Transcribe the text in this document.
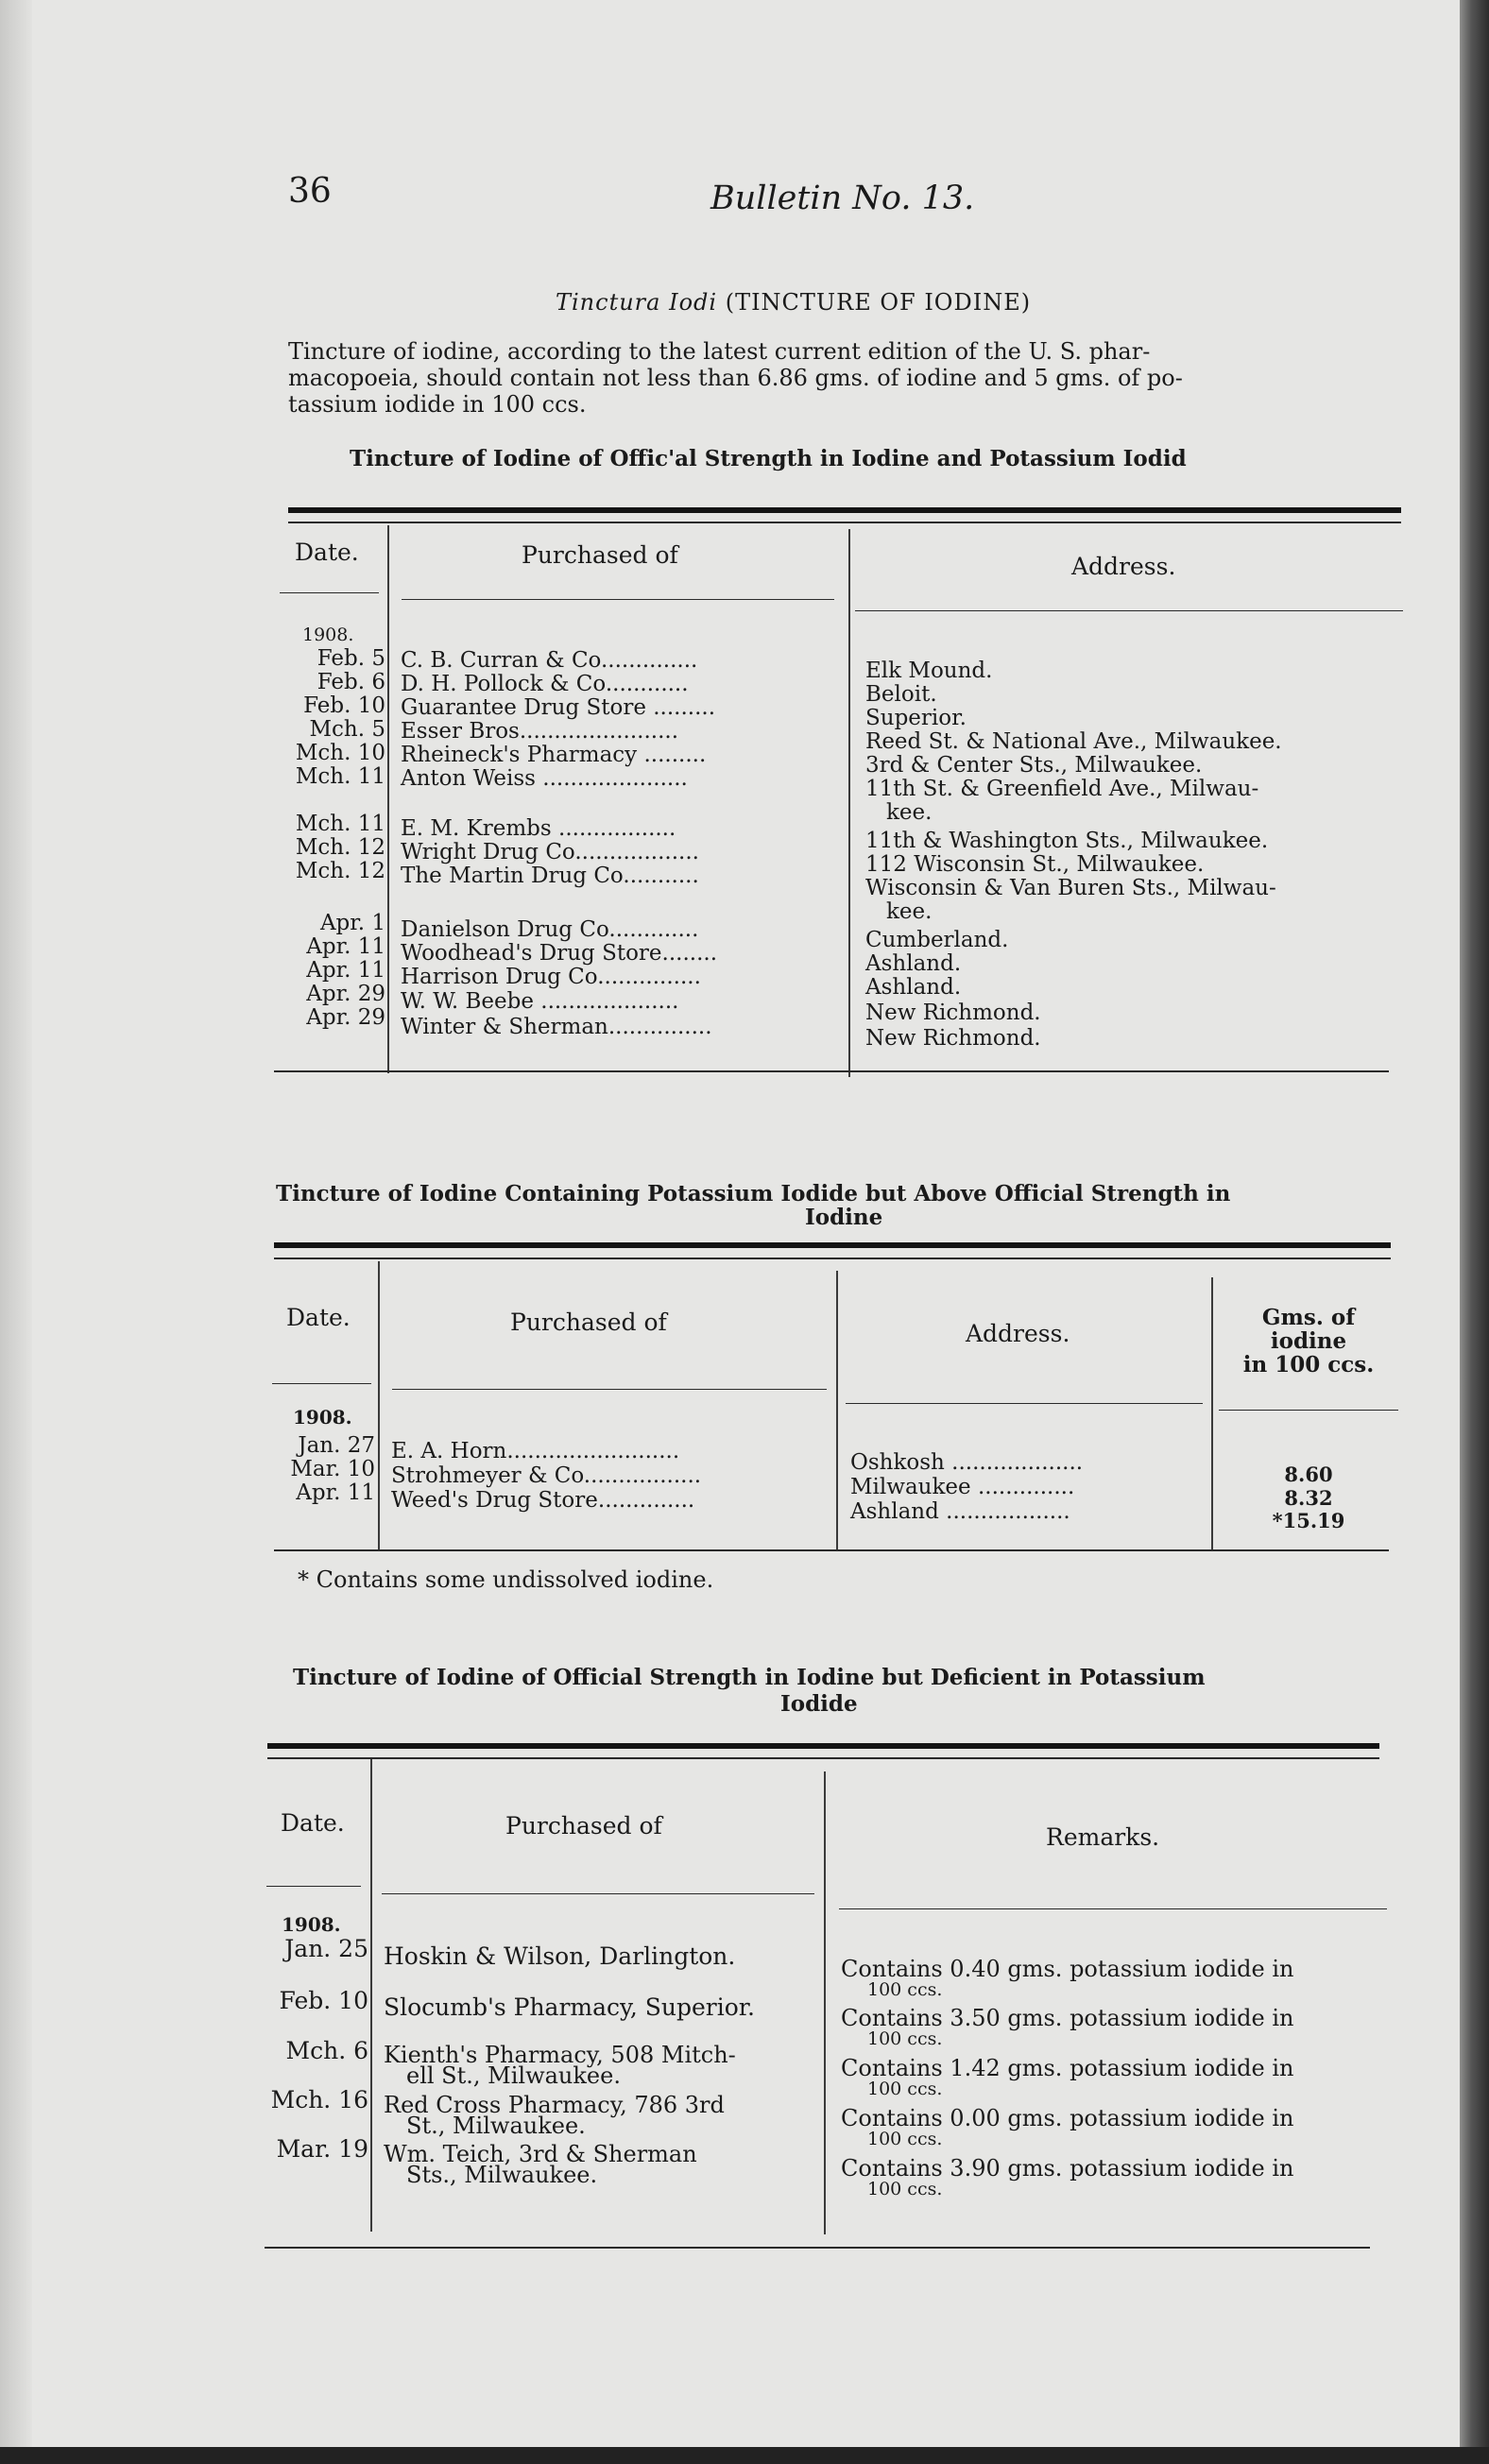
36	Bulletin No. 13.
Tinctura Iodi (TINCTURE OF IODINE)
Tincture of iodine, according to the latest current edition of the U. S. phar-
macopoeia, should contain not less than 6.86 gms. of iodine and 5 gms. of po-
tassium iodide in 100 ccs.
Tincture of Iodine of Offic'al Strength in Iodine and Potassium Iodid
Date.	Purchased of	Address.
1908.
Feb. 5 C. B. Curran & Co..............	Elk Mound.
Feb. 6 D. H. Pollock & Co............	Beloit.
Feb. 10 Guarantee Drug Store .........	Superior.
Mch. 5 Esser Bros.......................	Reed St. & National Ave., Milwaukee.
Mch. 10 Rheineck's Pharmacy .........	3rd & Center Sts., Milwaukee.
Mch. 11 Anton Weiss .....................	11th St. & Greenfield Ave., Milwau-
kee.
Mch. 11 E. M. Krembs .................	11th & Washington Sts., Milwaukee.
Mch. 12 Wright Drug Co..................	112 Wisconsin St., Milwaukee.
Mch. 12 The Martin Drug Co...........	Wisconsin & Van Buren Sts., Milwau-
kee.
Apr. 1 Danielson Drug Co.............	Cumberland.
Apr. 11 Woodhead's Drug Store........	Ashland.
Apr. 11 Harrison Drug Co...............	Ashland.
Apr. 29 W. W. Beebe ....................	New Richmond.
Apr. 29 Winter & Sherman...............	New Richmond.
Tincture of Iodine Containing Potassium Iodide but Above Official Strength in
Iodine
Date.	Purchased of	Address.
Gms. of
iodine
in 100 ccs.
1908.
Jan. 27 E. A. Horn.........................	Oshkosh ...................	8.60
Mar. 10 Strohmeyer & Co.................	Milwaukee ..............	8.32
Apr. 11 Weed's Drug Store..............	Ashland ..................	*15.19
* Contains some undissolved iodine.
Tincture of Iodine of Official Strength in Iodine but Deficient in Potassium
Iodide
Date.	Purchased of	Remarks.
1908.
Jan. 25 Hoskin & Wilson, Darlington.	Contains 0.40 gms. potassium iodide in
100 ccs.
Feb. 10 Slocumb's Pharmacy, Superior.	Contains 3.50 gms. potassium iodide in
100 ccs.
Mch. 6 Kienth's Pharmacy, 508 Mitch-
ell St., Milwaukee.	Contains 1.42 gms. potassium iodide in
100 ccs.
Mch. 16 Red Cross Pharmacy, 786 3rd
St., Milwaukee.	Contains 0.00 gms. potassium iodide in
100 ccs.
Mar. 19 Wm. Teich, 3rd & Sherman
Sts., Milwaukee.	Contains 3.90 gms. potassium iodide in
100 ccs.
